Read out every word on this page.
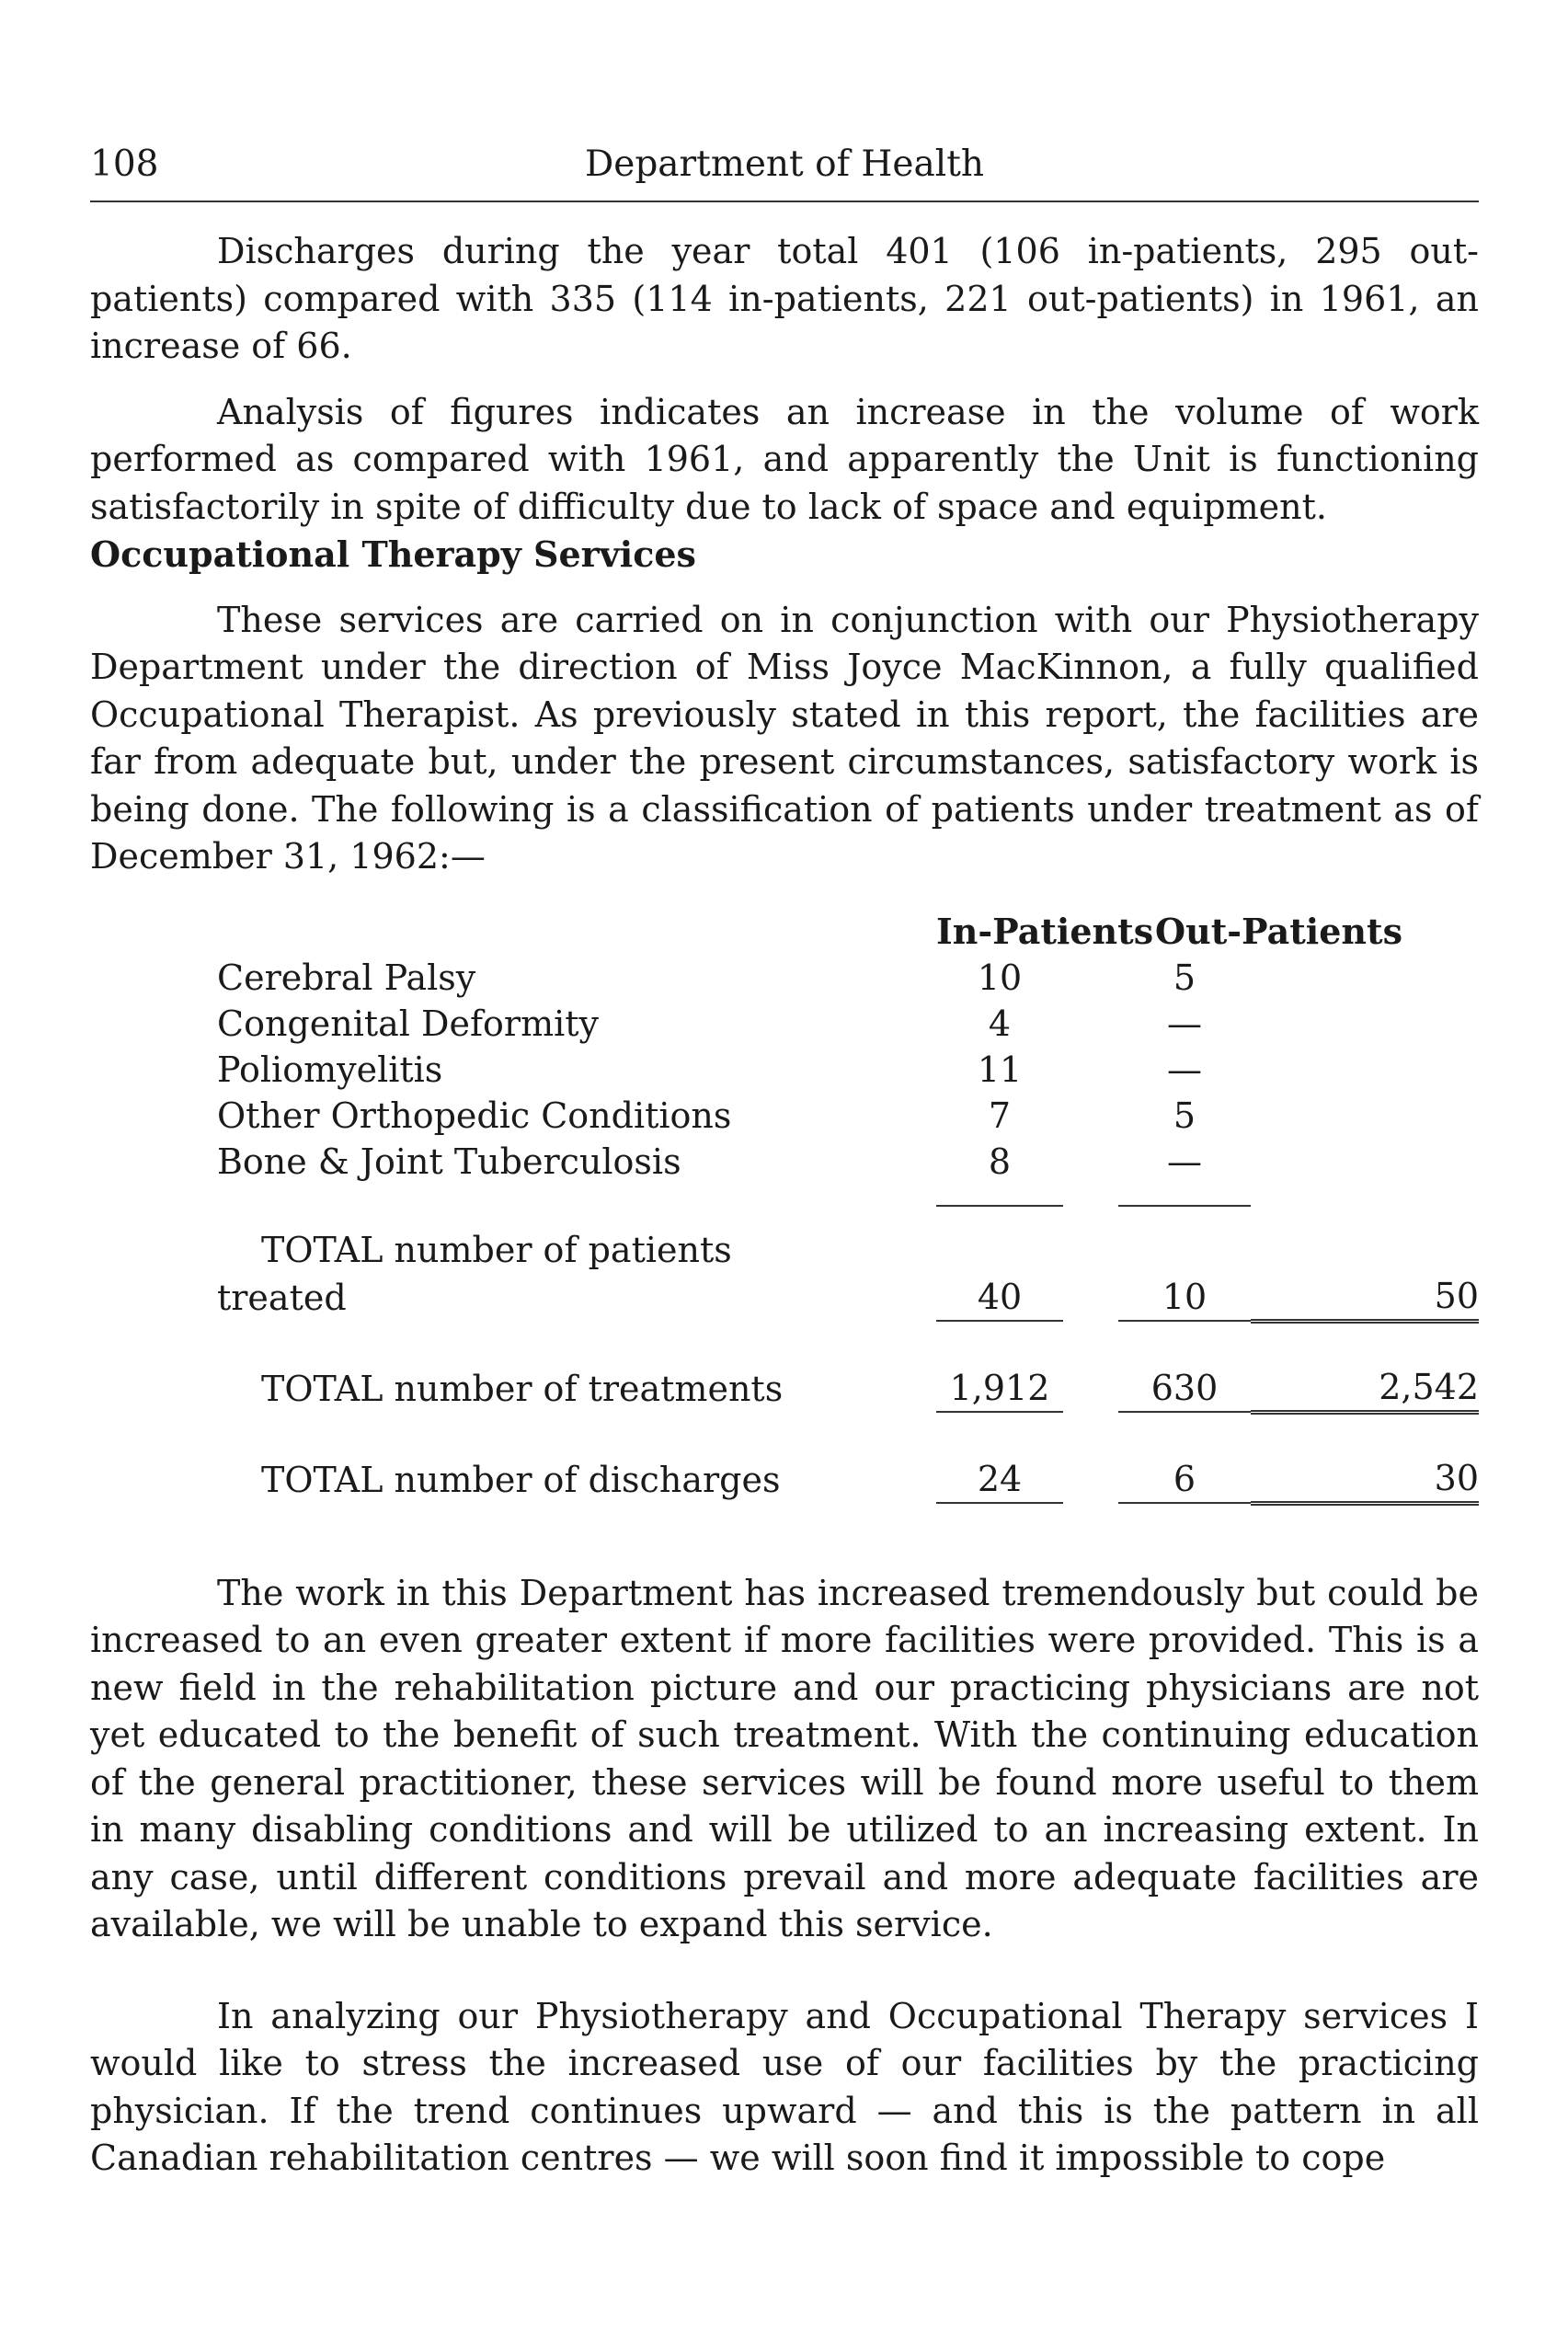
108	Department of Health

Discharges during the year total 401 (106 in-patients, 295 out-patients) compared with 335 (114 in-patients, 221 out-patients) in 1961, an increase of 66.

Analysis of figures indicates an increase in the volume of work performed as compared with 1961, and apparently the Unit is functioning satisfactorily in spite of difficulty due to lack of space and equipment.

Occupational Therapy Services

These services are carried on in conjunction with our Physiotherapy Department under the direction of Miss Joyce MacKinnon, a fully qualified Occupational Therapist. As previously stated in this report, the facilities are far from adequate but, under the present circumstances, satisfactory work is being done. The following is a classification of patients under treatment as of December 31, 1962:—

		In-Patients		Out-Patients	
	Cerebral Palsy	10		5	
	Congenital Deformity	4		—	
	Poliomyelitis	11		—	
	Other Orthopedic Conditions	7		5	
	Bone & Joint Tuberculosis	8		—	

	TOTAL number of patients				
	treated	40		10	50

	TOTAL number of treatments	1,912		630	2,542

	TOTAL number of discharges	24		6	30

The work in this Department has increased tremendously but could be increased to an even greater extent if more facilities were provided. This is a new field in the rehabilitation picture and our practicing physicians are not yet educated to the benefit of such treatment. With the continuing education of the general practitioner, these services will be found more useful to them in many disabling conditions and will be utilized to an increasing extent. In any case, until different conditions prevail and more adequate facilities are available, we will be unable to expand this service.

In analyzing our Physiotherapy and Occupational Therapy services I would like to stress the increased use of our facilities by the practicing physician. If the trend continues upward — and this is the pattern in all Canadian rehabilitation centres — we will soon find it impossible to cope
